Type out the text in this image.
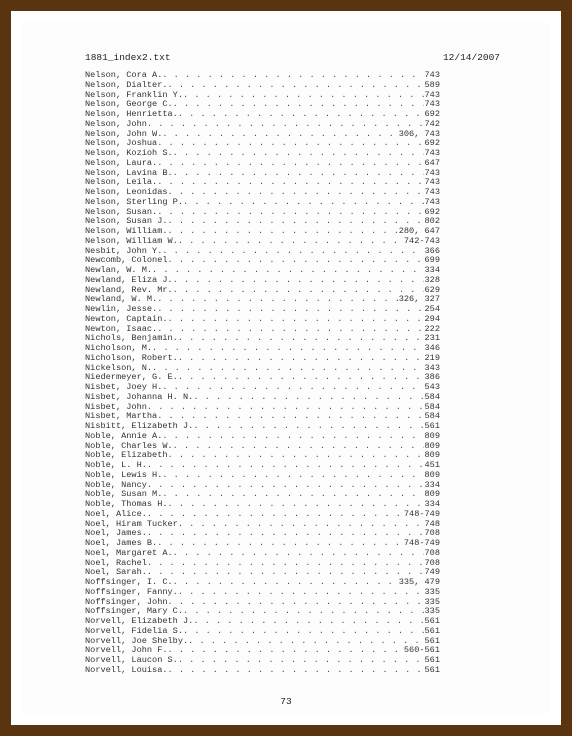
1881_index2.txt	12/14/2007
Nelson, Cora A. . . .	743
Nelson, Dialter. . . .	589
Nelson, Franklin Y. . . .	743
Nelson, George C. . . .	743
Nelson, Henrietta. . . .	692
Nelson, John . . .	742
Nelson, John W. . . .	306, 743
Nelson, Joshua . . .	692
Nelson, Kozioh S. . . .	743
Nelson, Laura. . . .	647
Nelson, Lavina B. . . .	743
Nelson, Leila. . . .	743
Nelson, Leonidas . . .	743
Nelson, Sterling P. . . .	743
Nelson, Susan. . . .	692
Nelson, Susan J. . . .	802
Nelson, William. . . .	280, 647
Nelson, William W. . . .	742-743
Nesbit, John Y. . . .	366
Newcomb, Colonel . . .	699
Newlan, W. M. . . .	334
Newland, Eliza J. . . .	328
Newland, Rev. Mr. . . .	629
Newland, W. M. . . .	326, 327
Newlin, Jesse. . . .	254
Newton, Captain. . . .	294
Newton, Isaac. . . .	222
Nichols, Benjamin. . . .	231
Nicholson, M. . . .	346
Nicholson, Robert. . . .	219
Nickelson, N. . . .	343
Niedermeyer, G. E. . . .	386
Nisbet, Joey H. . . .	543
Nisbet, Johanna H. N. . . .	584
Nisbet, John . . .	584
Nisbet, Martha . . .	584
Nisbitt, Elizabeth J. . . .	561
Noble, Annie A. . . .	809
Noble, Charles W. . . .	809
Noble, Elizabeth . . .	809
Noble, L. H. . . .	451
Noble, Lewis H. . . .	809
Noble, Nancy . . .	334
Noble, Susan M. . . .	809
Noble, Thomas H. . . .	334
Noel, Alice. . . .	748-749
Noel, Hiram Tucker . . .	748
Noel, James. . . .	708
Noel, James B. . . .	748-749
Noel, Margaret A. . . .	708
Noel, Rachel . . .	708
Noel, Sarah. . . .	749
Noffsinger, I. C. . . .	335, 479
Noffsinger, Fanny. . . .	335
Noffsinger, John . . .	335
Noffsinger, Mary C. . . .	335
Norvell, Elizabeth J. . . .	561
Norvell, Fidelia S. . . .	561
Norvell, Joe Shelby. . . .	561
Norvell, John F. . . .	560-561
Norvell, Laucon S. . . .	561
Norvell, Louisa. . . .	561
73
